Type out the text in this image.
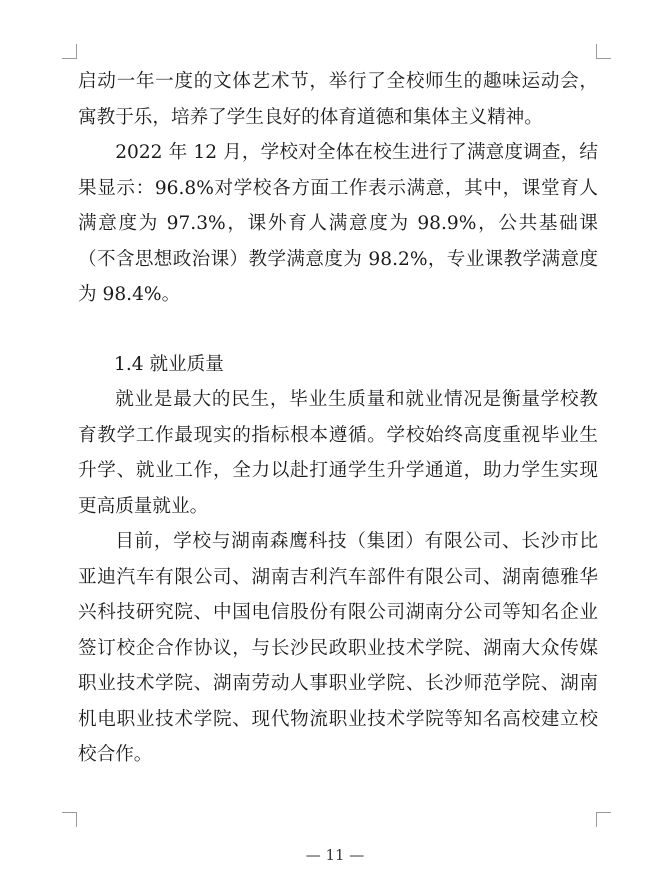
启动一年一度的文体艺术节，举行了全校师生的趣味运动会，寓教于乐，培养了学生良好的体育道德和集体主义精神。

2022 年 12 月，学校对全体在校生进行了满意度调查，结果显示：96.8%对学校各方面工作表示满意，其中，课堂育人满意度为 97.3%，课外育人满意度为 98.9%，公共基础课（不含思想政治课）教学满意度为 98.2%，专业课教学满意度为 98.4%。

1.4 就业质量

就业是最大的民生，毕业生质量和就业情况是衡量学校教育教学工作最现实的指标根本遵循。学校始终高度重视毕业生升学、就业工作，全力以赴打通学生升学通道，助力学生实现更高质量就业。

目前，学校与湖南森鹰科技（集团）有限公司、长沙市比亚迪汽车有限公司、湖南吉利汽车部件有限公司、湖南德雅华兴科技研究院、中国电信股份有限公司湖南分公司等知名企业签订校企合作协议，与长沙民政职业技术学院、湖南大众传媒职业技术学院、湖南劳动人事职业学院、长沙师范学院、湖南机电职业技术学院、现代物流职业技术学院等知名高校建立校校合作。

— 11 —
